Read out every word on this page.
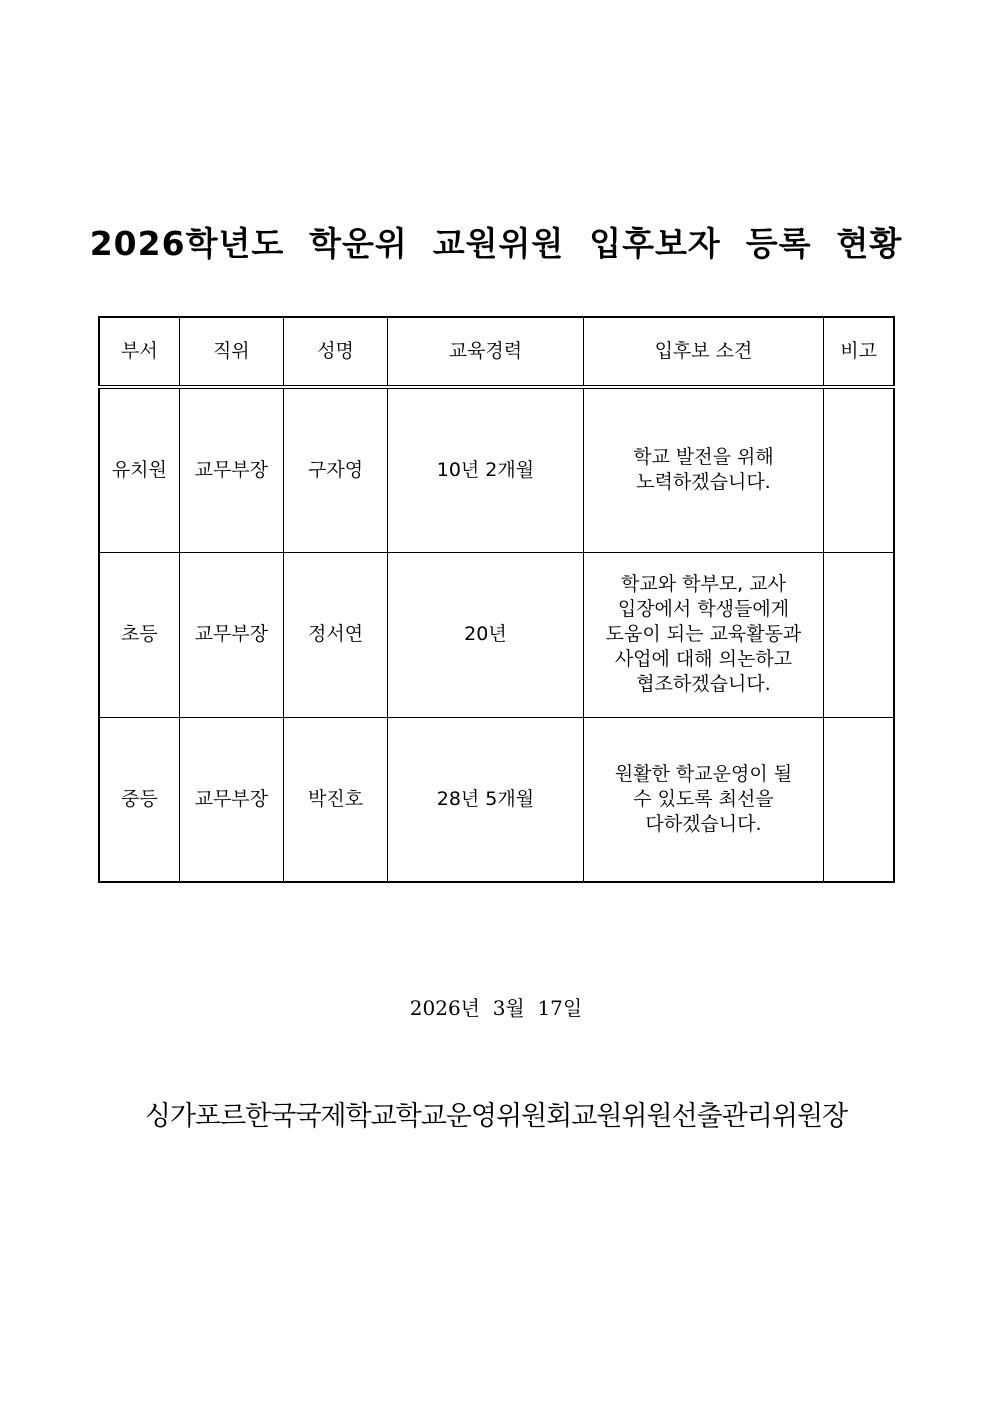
2026학년도  학운위  교원위원  입후보자  등록  현황
부서	직위	성명	교육경력	입후보 소견	비고
유치원	교무부장	구자영	10년 2개월	학교 발전을 위해
노력하겠습니다.	
초등	교무부장	정서연	20년	학교와 학부모, 교사
입장에서 학생들에게
도움이 되는 교육활동과
사업에 대해 의논하고
협조하겠습니다.	
중등	교무부장	박진호	28년 5개월	원활한 학교운영이 될
수 있도록 최선을
다하겠습니다.	
2026년  3월  17일
싱가포르한국국제학교학교운영위원회교원위원선출관리위원장
